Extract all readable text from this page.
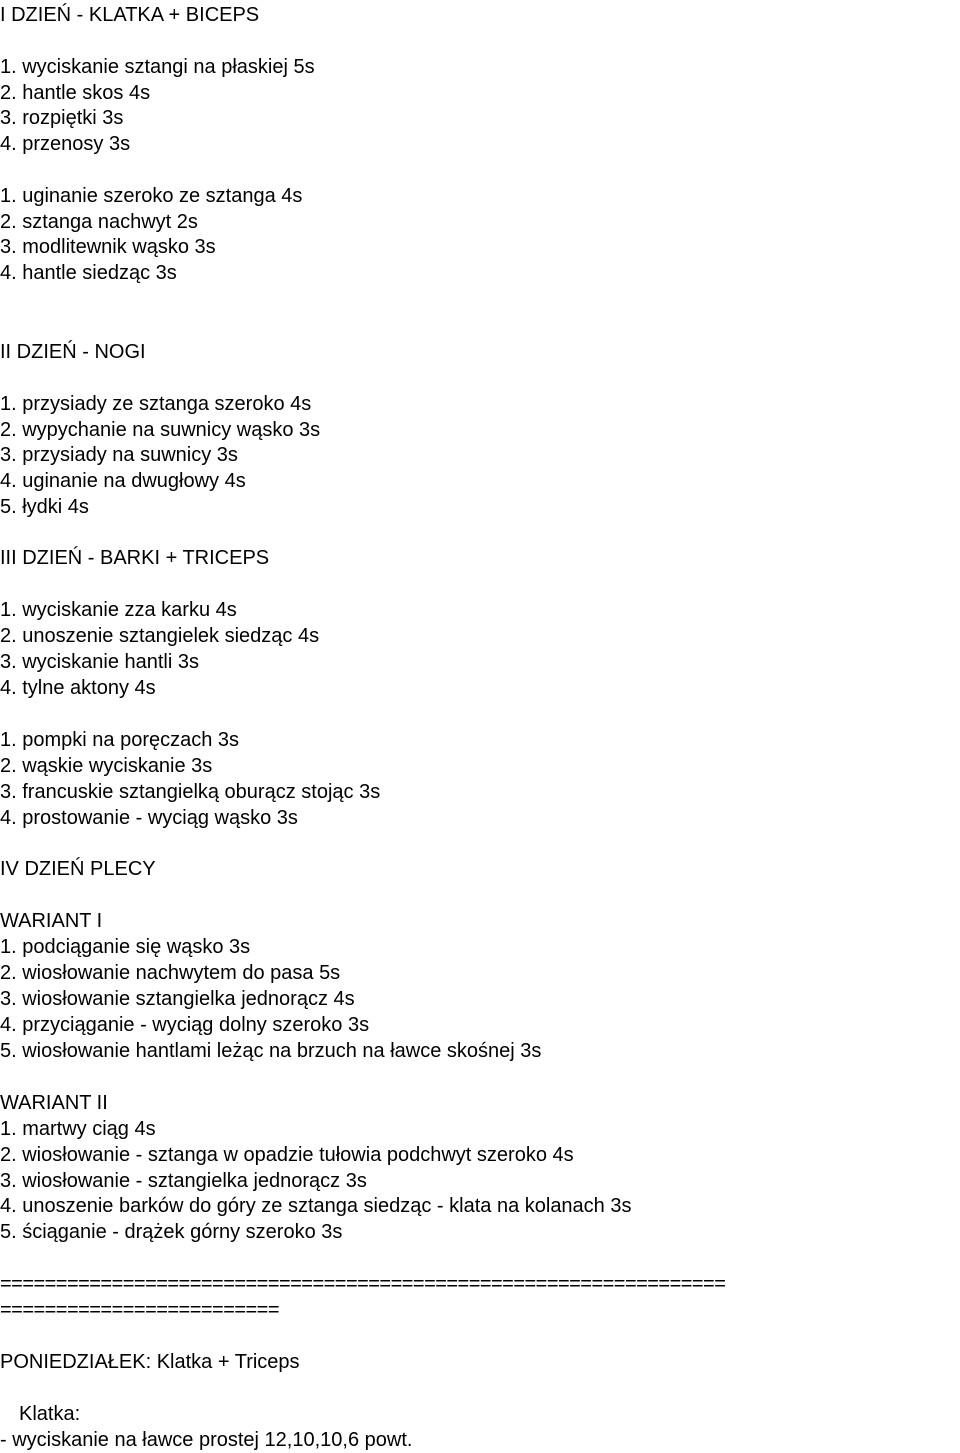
I DZIEŃ - KLATKA + BICEPS
1. wyciskanie sztangi na płaskiej 5s
2. hantle skos 4s
3. rozpiętki 3s
4. przenosy 3s
1. uginanie szeroko ze sztanga 4s
2. sztanga nachwyt 2s
3. modlitewnik wąsko 3s
4. hantle siedząc 3s
II DZIEŃ - NOGI
1. przysiady ze sztanga szeroko 4s
2. wypychanie na suwnicy wąsko 3s
3. przysiady na suwnicy 3s
4. uginanie na dwugłowy 4s
5. łydki 4s
III DZIEŃ - BARKI + TRICEPS
1. wyciskanie zza karku 4s
2. unoszenie sztangielek siedząc 4s
3. wyciskanie hantli 3s
4. tylne aktony 4s
1. pompki na poręczach 3s
2. wąskie wyciskanie 3s
3. francuskie sztangielką oburącz stojąc 3s
4. prostowanie - wyciąg wąsko 3s
IV DZIEŃ PLECY
WARIANT I
1. podciąganie się wąsko 3s
2. wiosłowanie nachwytem do pasa 5s
3. wiosłowanie sztangielka jednorącz 4s
4. przyciąganie - wyciąg dolny szeroko 3s
5. wiosłowanie hantlami leżąc na brzuch na ławce skośnej 3s
WARIANT II
1. martwy ciąg 4s
2. wiosłowanie - sztanga w opadzie tułowia podchwyt szeroko 4s
3. wiosłowanie - sztangielka jednorącz 3s
4. unoszenie barków do góry ze sztanga siedząc - klata na kolanach 3s
5. ściąganie - drążek górny szeroko 3s
=================================================================
=========================
PONIEDZIAŁEK: Klatka + Triceps
Klatka:
- wyciskanie na ławce prostej 12,10,10,6 powt.
